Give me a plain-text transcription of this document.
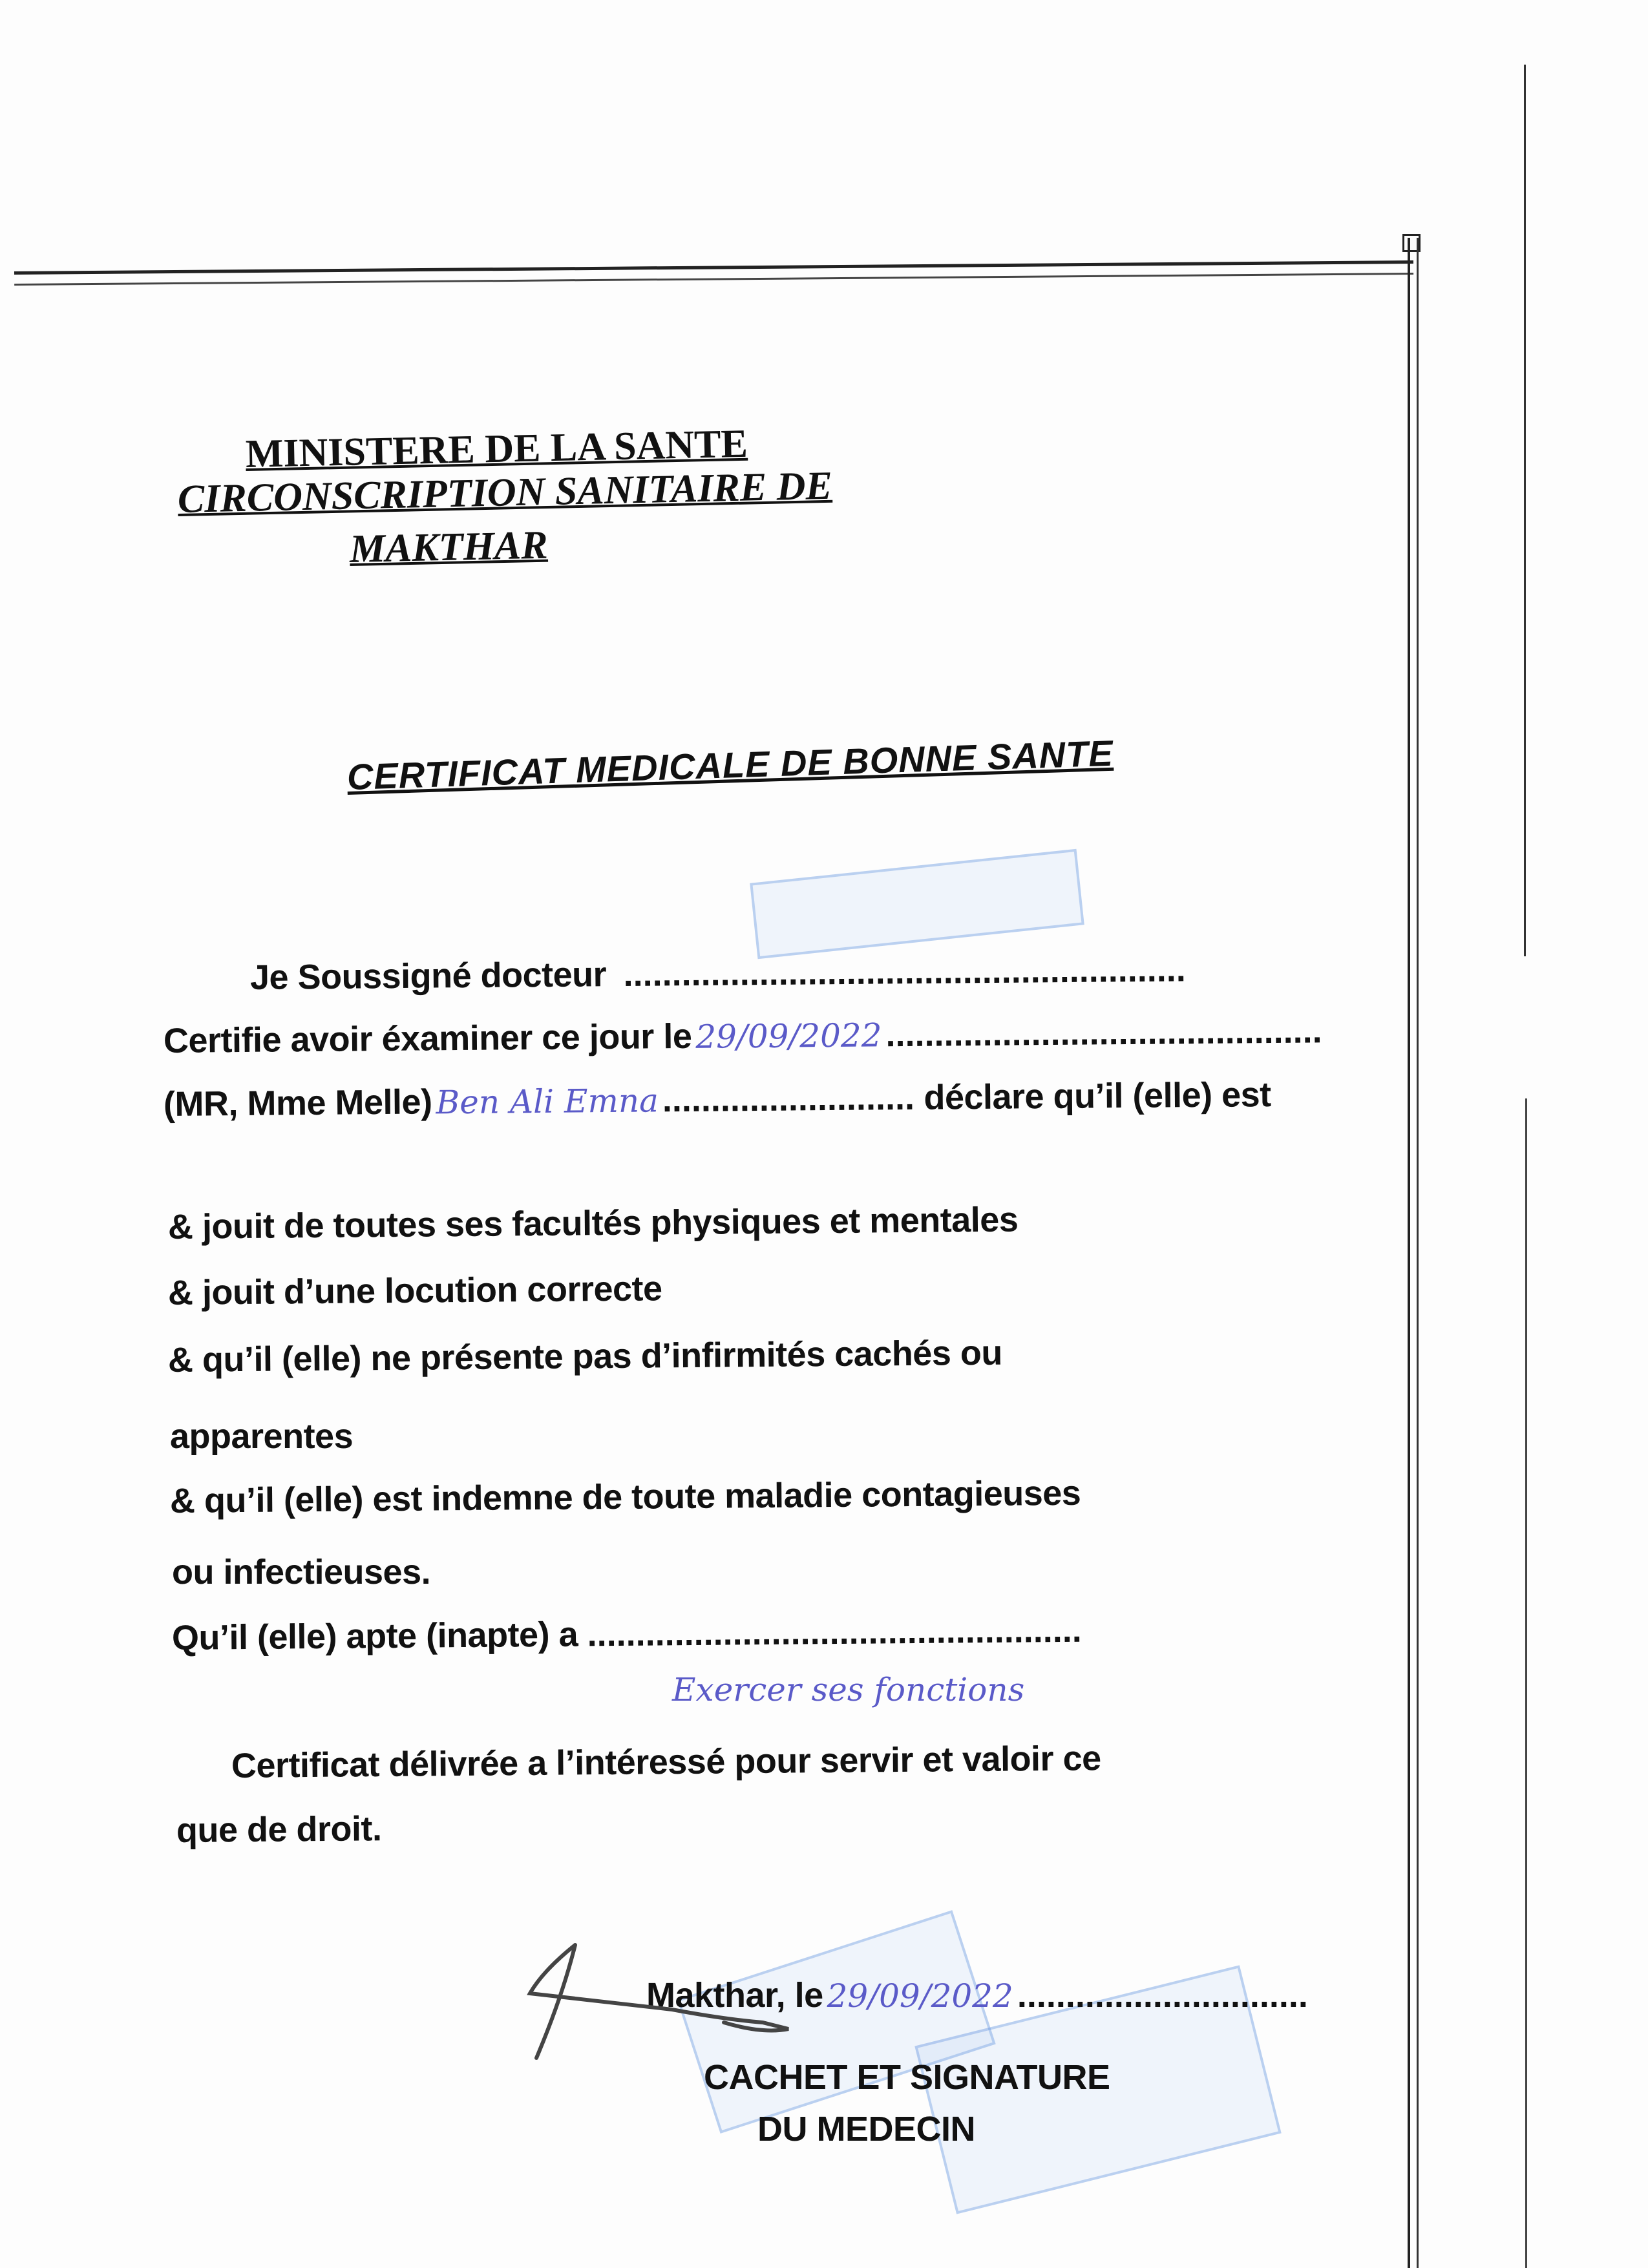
MINISTERE DE LA SANTE
CIRCONSCRIPTION SANITAIRE DE
MAKTHAR
CERTIFICAT MEDICALE DE BONNE SANTE
Je Soussigné docteur ..........................................................
Certifie avoir éxaminer ce jour le 29/09/2022 .............................................
(MR, Mme Melle) Ben Ali Emna .......................... déclare qu’il (elle) est
& jouit de toutes ses facultés physiques et mentales
& jouit d’une locution correcte
& qu’il (elle) ne présente pas d’infirmités cachés ou
apparentes
& qu’il (elle) est indemne de toute maladie contagieuses
ou infectieuses.
Qu’il (elle) apte (inapte) a ...................................................
Exercer ses fonctions
Certificat délivrée a l’intéressé pour servir et valoir ce
que de droit.
Makthar, le 29/09/2022 ..............................
CACHET ET SIGNATURE
DU MEDECIN
